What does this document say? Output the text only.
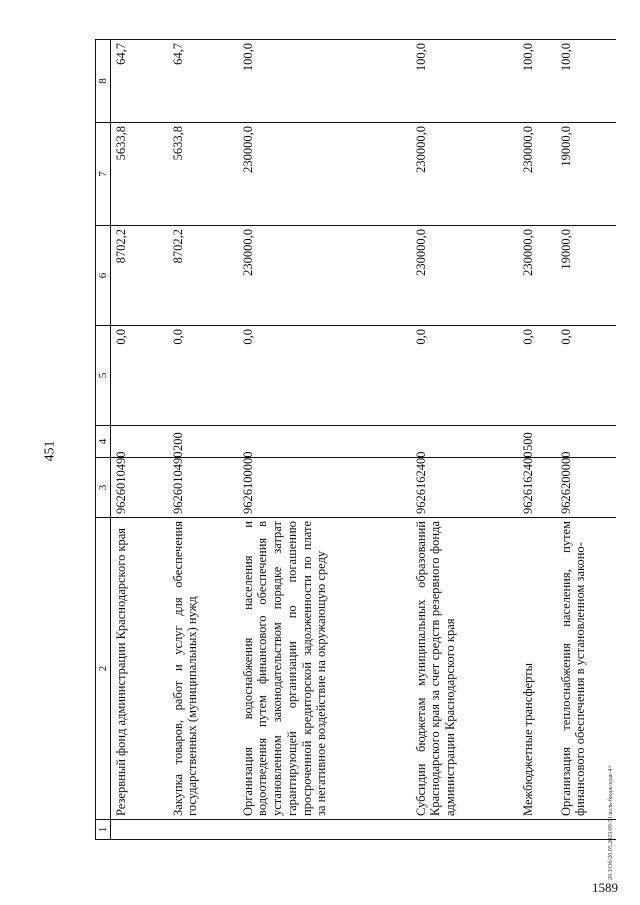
451
1589
20.3/Об/20.05.2023/09-51/вслк-бюдж-крае-4+
1	2	3	4	5	6	7	8
	Резервный фонд администрации Краснодарского края	9626010490		0,0	8702,2	5633,8	64,7
	Закупка товаров, работ и услуг для обеспечения государственных (муниципальных) нужд	9626010490	200	0,0	8702,2	5633,8	64,7
	Организация водоснабжения населения и водоотведения путем финансового обеспечения в установленном законодательством порядке затрат гарантирующей организации по погашению просроченной кредиторской задолженности по плате за негативное воздействие на окружающую среду	9626100000		0,0	230000,0	230000,0	100,0
	Субсидии бюджетам муниципальных образований Краснодарского края за счет средств резервного фонда администрации Краснодарского края	9626162400		0,0	230000,0	230000,0	100,0
	Межбюджетные трансферты	9626162400	500	0,0	230000,0	230000,0	100,0
	Организация теплоснабжения населения, путем финансового обеспечения в установленном законо-	9626200000		0,0	19000,0	19000,0	100,0
